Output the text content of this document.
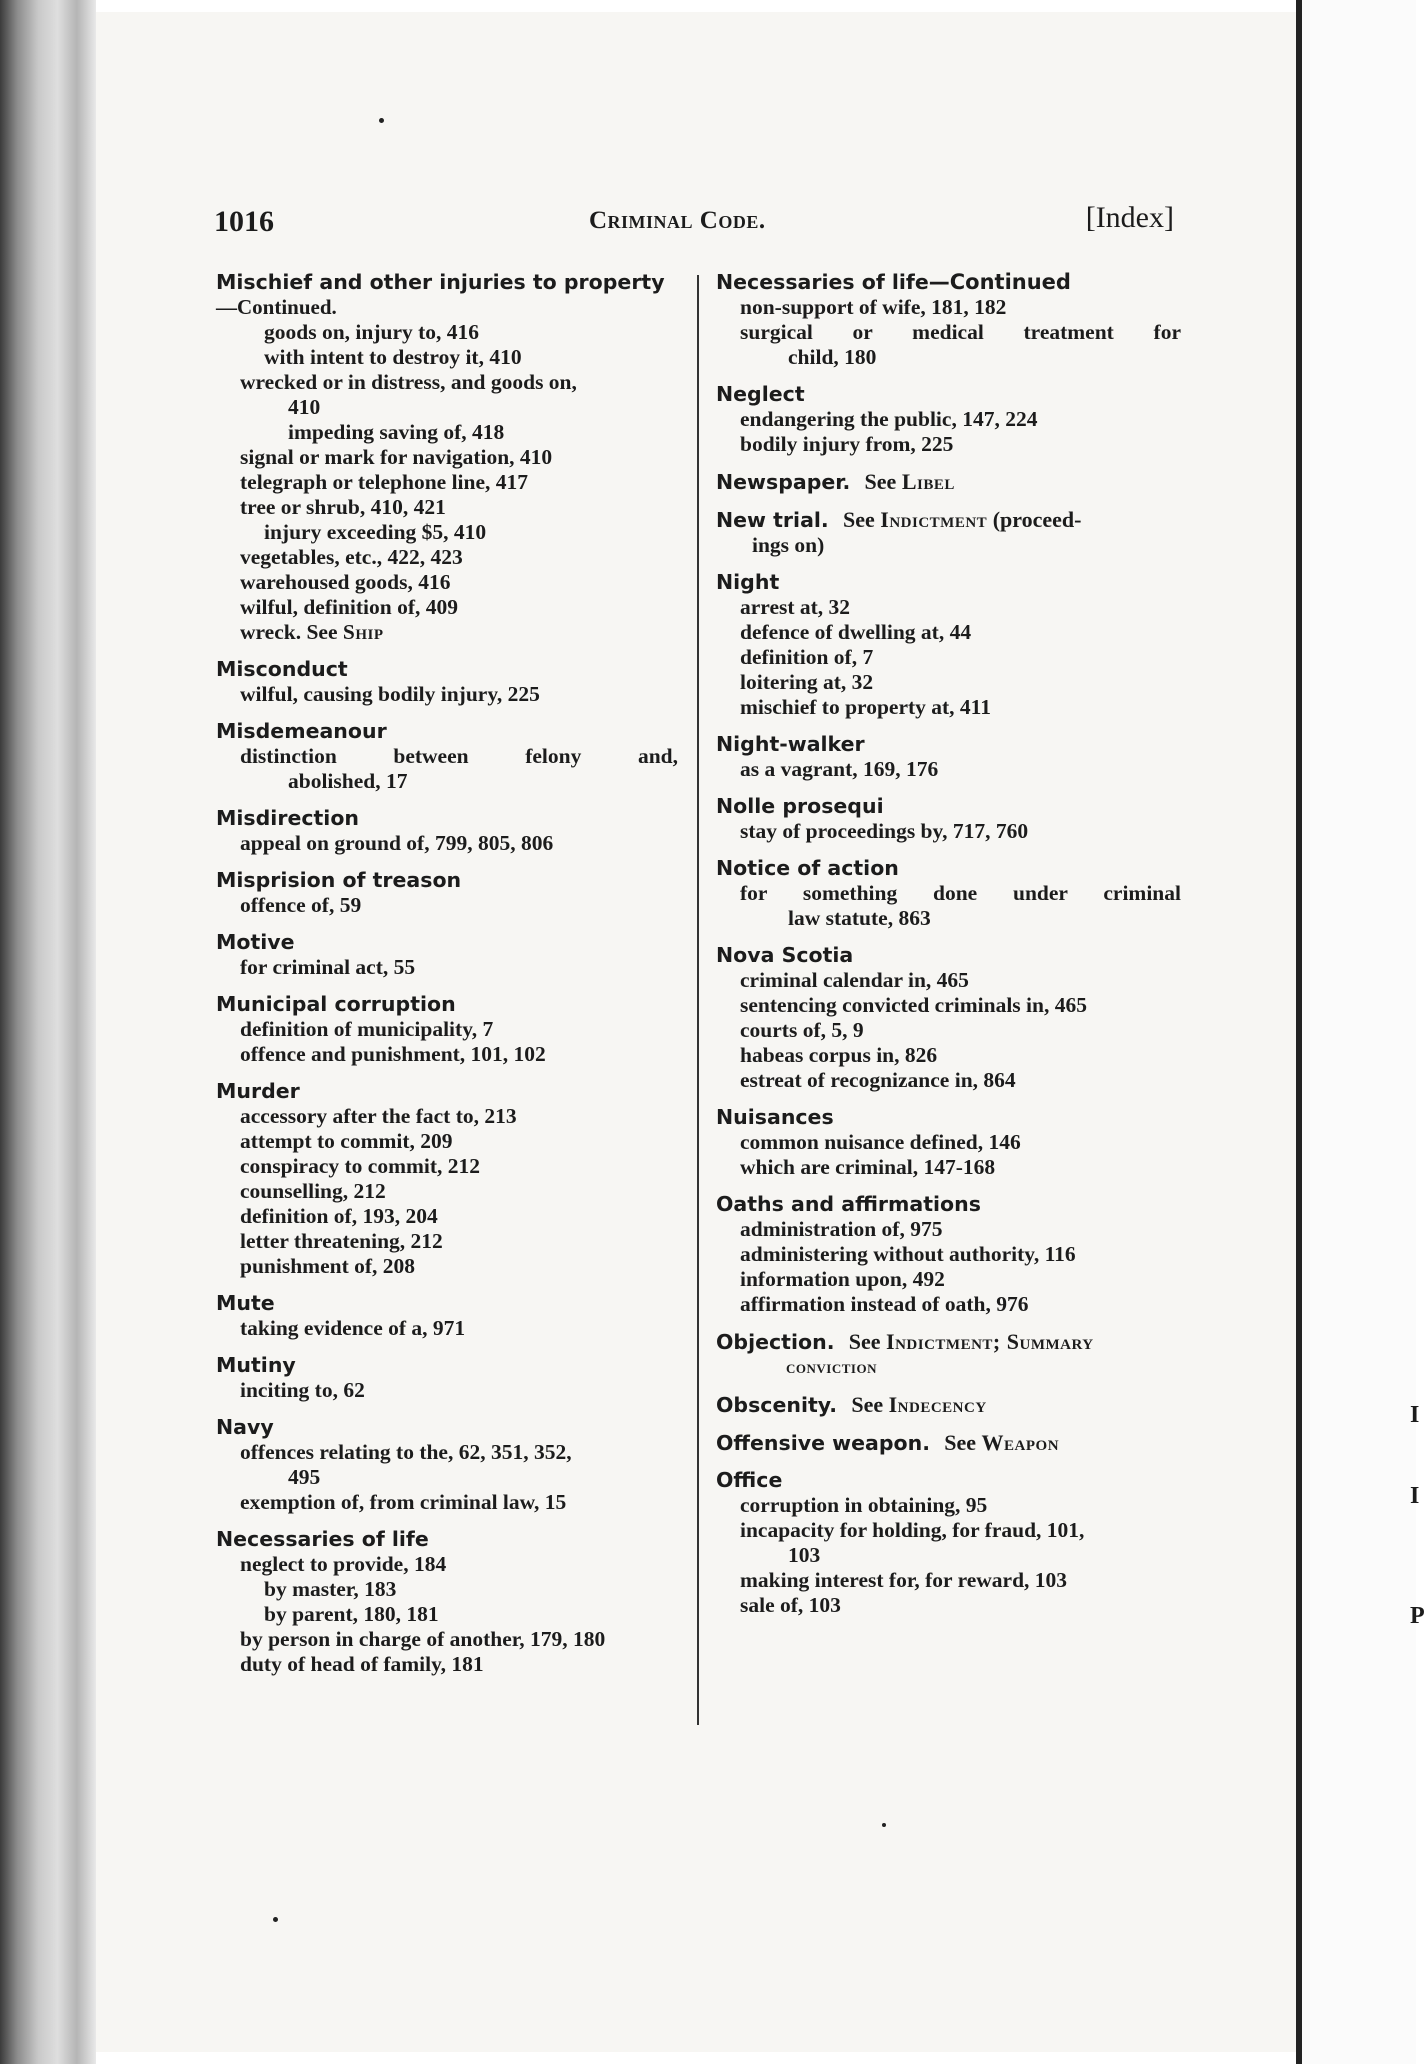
I
I
P
1016	Criminal Code.	[Index]
Mischief and other injuries to property
—Continued.
goods on, injury to, 416
with intent to destroy it, 410
wrecked or in distress, and goods on,
410
impeding saving of, 418
signal or mark for navigation, 410
telegraph or telephone line, 417
tree or shrub, 410, 421
injury exceeding $5, 410
vegetables, etc., 422, 423
warehoused goods, 416
wilful, definition of, 409
wreck. See Ship
Misconduct
wilful, causing bodily injury, 225
Misdemeanour
distinction between felony and,
abolished, 17
Misdirection
appeal on ground of, 799, 805, 806
Misprision of treason
offence of, 59
Motive
for criminal act, 55
Municipal corruption
definition of municipality, 7
offence and punishment, 101, 102
Murder
accessory after the fact to, 213
attempt to commit, 209
conspiracy to commit, 212
counselling, 212
definition of, 193, 204
letter threatening, 212
punishment of, 208
Mute
taking evidence of a, 971
Mutiny
inciting to, 62
Navy
offences relating to the, 62, 351, 352,
495
exemption of, from criminal law, 15
Necessaries of life
neglect to provide, 184
by master, 183
by parent, 180, 181
by person in charge of another, 179, 180
duty of head of family, 181
Necessaries of life—Continued
non-support of wife, 181, 182
surgical or medical treatment for
child, 180
Neglect
endangering the public, 147, 224
bodily injury from, 225
Newspaper. See Libel
New trial. See Indictment (proceed-
ings on)
Night
arrest at, 32
defence of dwelling at, 44
definition of, 7
loitering at, 32
mischief to property at, 411
Night-walker
as a vagrant, 169, 176
Nolle prosequi
stay of proceedings by, 717, 760
Notice of action
for something done under criminal
law statute, 863
Nova Scotia
criminal calendar in, 465
sentencing convicted criminals in, 465
courts of, 5, 9
habeas corpus in, 826
estreat of recognizance in, 864
Nuisances
common nuisance defined, 146
which are criminal, 147-168
Oaths and affirmations
administration of, 975
administering without authority, 116
information upon, 492
affirmation instead of oath, 976
Objection. See Indictment; Summary
conviction
Obscenity. See Indecency
Offensive weapon. See Weapon
Office
corruption in obtaining, 95
incapacity for holding, for fraud, 101,
103
making interest for, for reward, 103
sale of, 103
